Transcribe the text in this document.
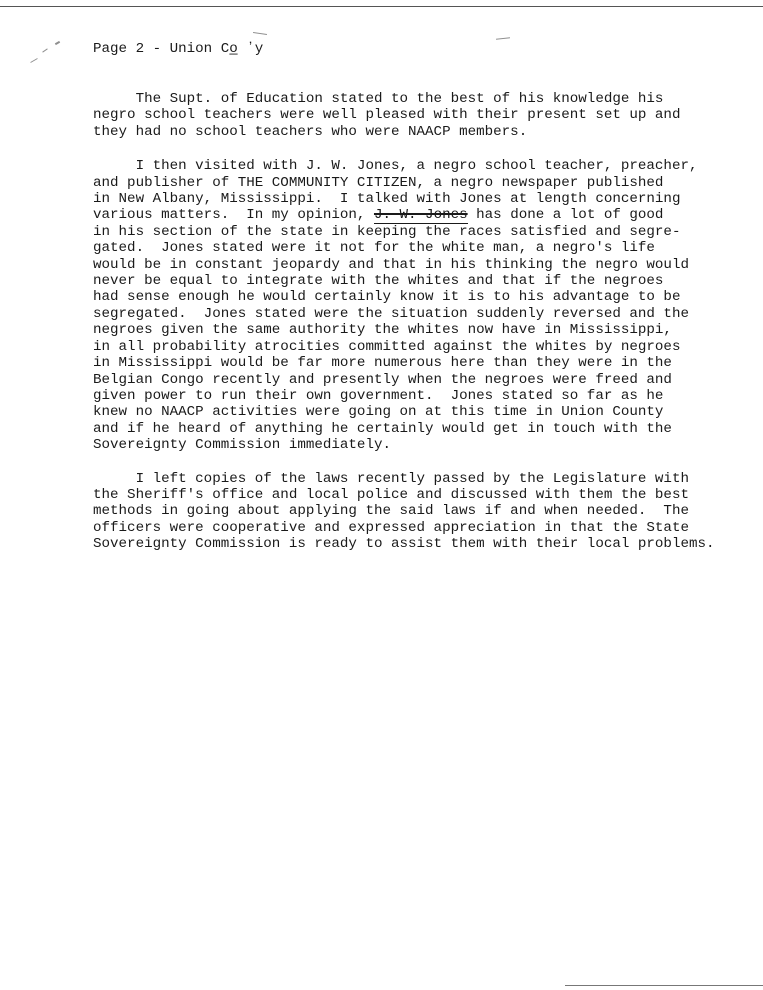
Page 2 - Union Co̲ ʼy
The Supt. of Education stated to the best of his knowledge his
negro school teachers were well pleased with their present set up and
they had no school teachers who were NAACP members.
I then visited with J. W. Jones, a negro school teacher, preacher,
and publisher of THE COMMUNITY CITIZEN, a negro newspaper published
in New Albany, Mississippi.  I talked with Jones at length concerning
various matters.  In my opinion, J. W. Jones has done a lot of good
in his section of the state in keeping the races satisfied and segre-
gated.  Jones stated were it not for the white man, a negro's life
would be in constant jeopardy and that in his thinking the negro would
never be equal to integrate with the whites and that if the negroes
had sense enough he would certainly know it is to his advantage to be
segregated.  Jones stated were the situation suddenly reversed and the
negroes given the same authority the whites now have in Mississippi,
in all probability atrocities committed against the whites by negroes
in Mississippi would be far more numerous here than they were in the
Belgian Congo recently and presently when the negroes were freed and
given power to run their own government.  Jones stated so far as he
knew no NAACP activities were going on at this time in Union County
and if he heard of anything he certainly would get in touch with the
Sovereignty Commission immediately.
I left copies of the laws recently passed by the Legislature with
the Sheriff's office and local police and discussed with them the best
methods in going about applying the said laws if and when needed.  The
officers were cooperative and expressed appreciation in that the State
Sovereignty Commission is ready to assist them with their local problems.
